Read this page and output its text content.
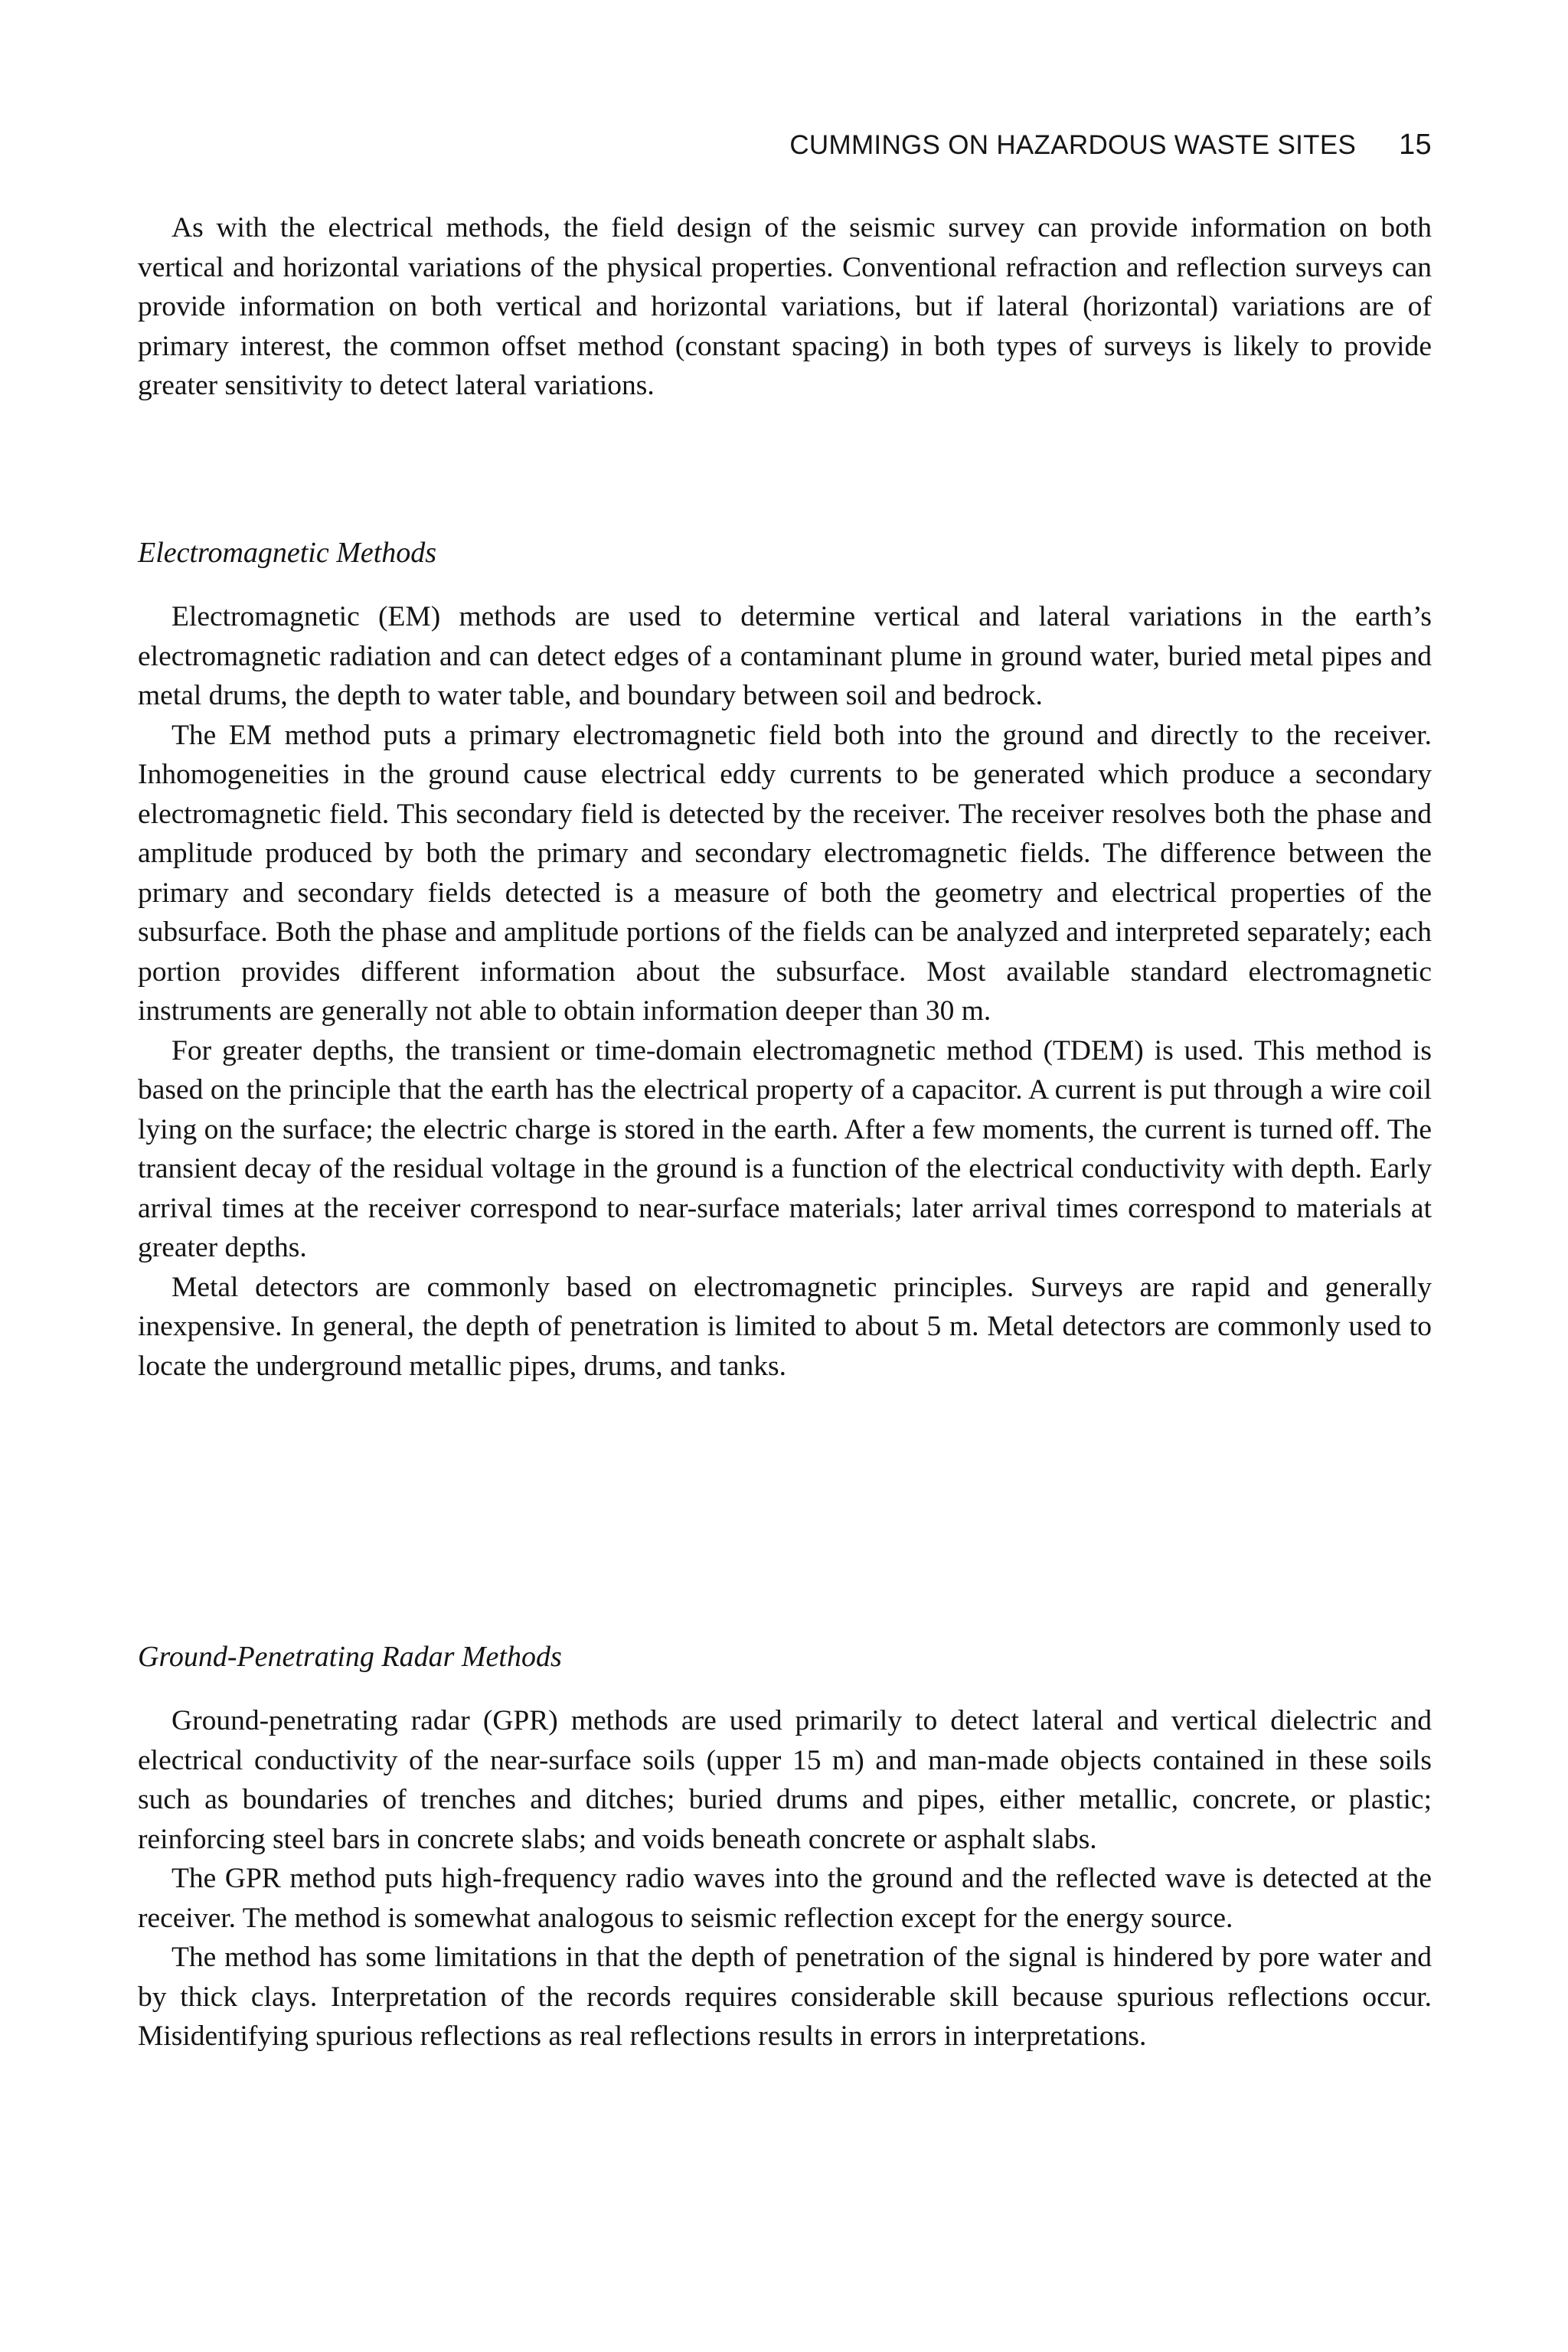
CUMMINGS ON HAZARDOUS WASTE SITES 15

As with the electrical methods, the field design of the seismic survey can provide information on both vertical and horizontal variations of the physical properties. Conventional refraction and reflection surveys can provide information on both vertical and horizontal variations, but if lateral (horizontal) variations are of primary interest, the common offset method (constant spacing) in both types of surveys is likely to provide greater sensitivity to detect lateral variations.

Electromagnetic Methods

Electromagnetic (EM) methods are used to determine vertical and lateral variations in the earth’s electromagnetic radiation and can detect edges of a contaminant plume in ground water, buried metal pipes and metal drums, the depth to water table, and boundary between soil and bedrock.

The EM method puts a primary electromagnetic field both into the ground and directly to the receiver. Inhomogeneities in the ground cause electrical eddy currents to be generated which produce a secondary electromagnetic field. This secondary field is detected by the receiver. The receiver resolves both the phase and amplitude produced by both the primary and secondary electromagnetic fields. The difference between the primary and secondary fields detected is a measure of both the geometry and electrical properties of the subsurface. Both the phase and amplitude portions of the fields can be analyzed and interpreted separately; each portion provides different information about the subsurface. Most available standard electromagnetic instruments are generally not able to obtain information deeper than 30 m.

For greater depths, the transient or time-domain electromagnetic method (TDEM) is used. This method is based on the principle that the earth has the electrical property of a capacitor. A current is put through a wire coil lying on the surface; the electric charge is stored in the earth. After a few moments, the current is turned off. The transient decay of the residual voltage in the ground is a function of the electrical conductivity with depth. Early arrival times at the receiver correspond to near-surface materials; later arrival times correspond to materials at greater depths.

Metal detectors are commonly based on electromagnetic principles. Surveys are rapid and generally inexpensive. In general, the depth of penetration is limited to about 5 m. Metal detectors are commonly used to locate the underground metallic pipes, drums, and tanks.

Ground-Penetrating Radar Methods

Ground-penetrating radar (GPR) methods are used primarily to detect lateral and vertical dielectric and electrical conductivity of the near-surface soils (upper 15 m) and man-made objects contained in these soils such as boundaries of trenches and ditches; buried drums and pipes, either metallic, concrete, or plastic; reinforcing steel bars in concrete slabs; and voids beneath concrete or asphalt slabs.

The GPR method puts high-frequency radio waves into the ground and the reflected wave is detected at the receiver. The method is somewhat analogous to seismic reflection except for the energy source.

The method has some limitations in that the depth of penetration of the signal is hindered by pore water and by thick clays. Interpretation of the records requires considerable skill because spurious reflections occur. Misidentifying spurious reflections as real reflections results in errors in interpretations.
